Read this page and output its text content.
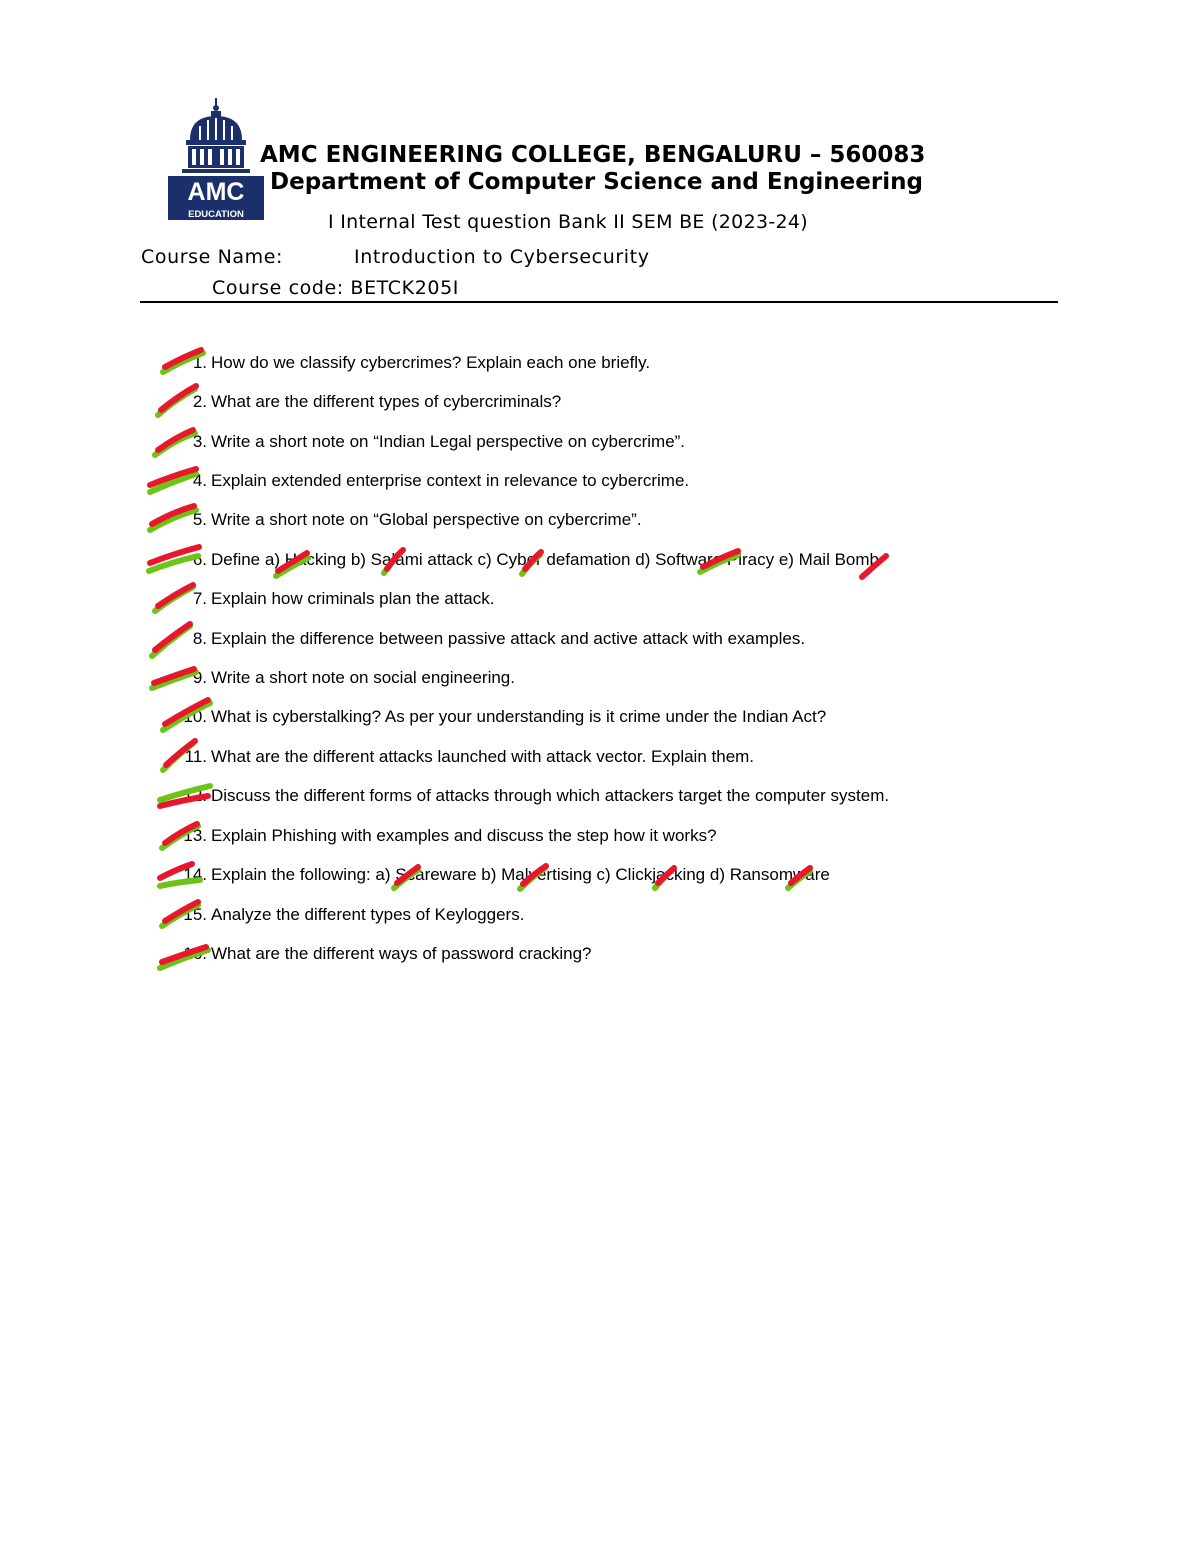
AMC
EDUCATION
AMC ENGINEERING COLLEGE, BENGALURU – 560083
Department of Computer Science and Engineering
I Internal Test question Bank II SEM BE (2023-24)
Course Name:	Introduction to Cybersecurity
Course code: BETCK205I
1. How do we classify cybercrimes? Explain each one briefly.
2. What are the different types of cybercriminals?
3. Write a short note on “Indian Legal perspective on cybercrime”.
4. Explain extended enterprise context in relevance to cybercrime.
5. Write a short note on “Global perspective on cybercrime”.
6. Define a) Hacking b) Salami attack c) Cyber defamation d) Software Piracy e) Mail Bomb
7. Explain how criminals plan the attack.
8. Explain the difference between passive attack and active attack with examples.
9. Write a short note on social engineering.
10. What is cyberstalking? As per your understanding is it crime under the Indian Act?
11. What are the different attacks launched with attack vector. Explain them.
12. Discuss the different forms of attacks through which attackers target the computer system.
13. Explain Phishing with examples and discuss the step how it works?
14. Explain the following: a) Scareware b) Malvertising c) Clickjacking d) Ransomware
15. Analyze the different types of Keyloggers.
16. What are the different ways of password cracking?
